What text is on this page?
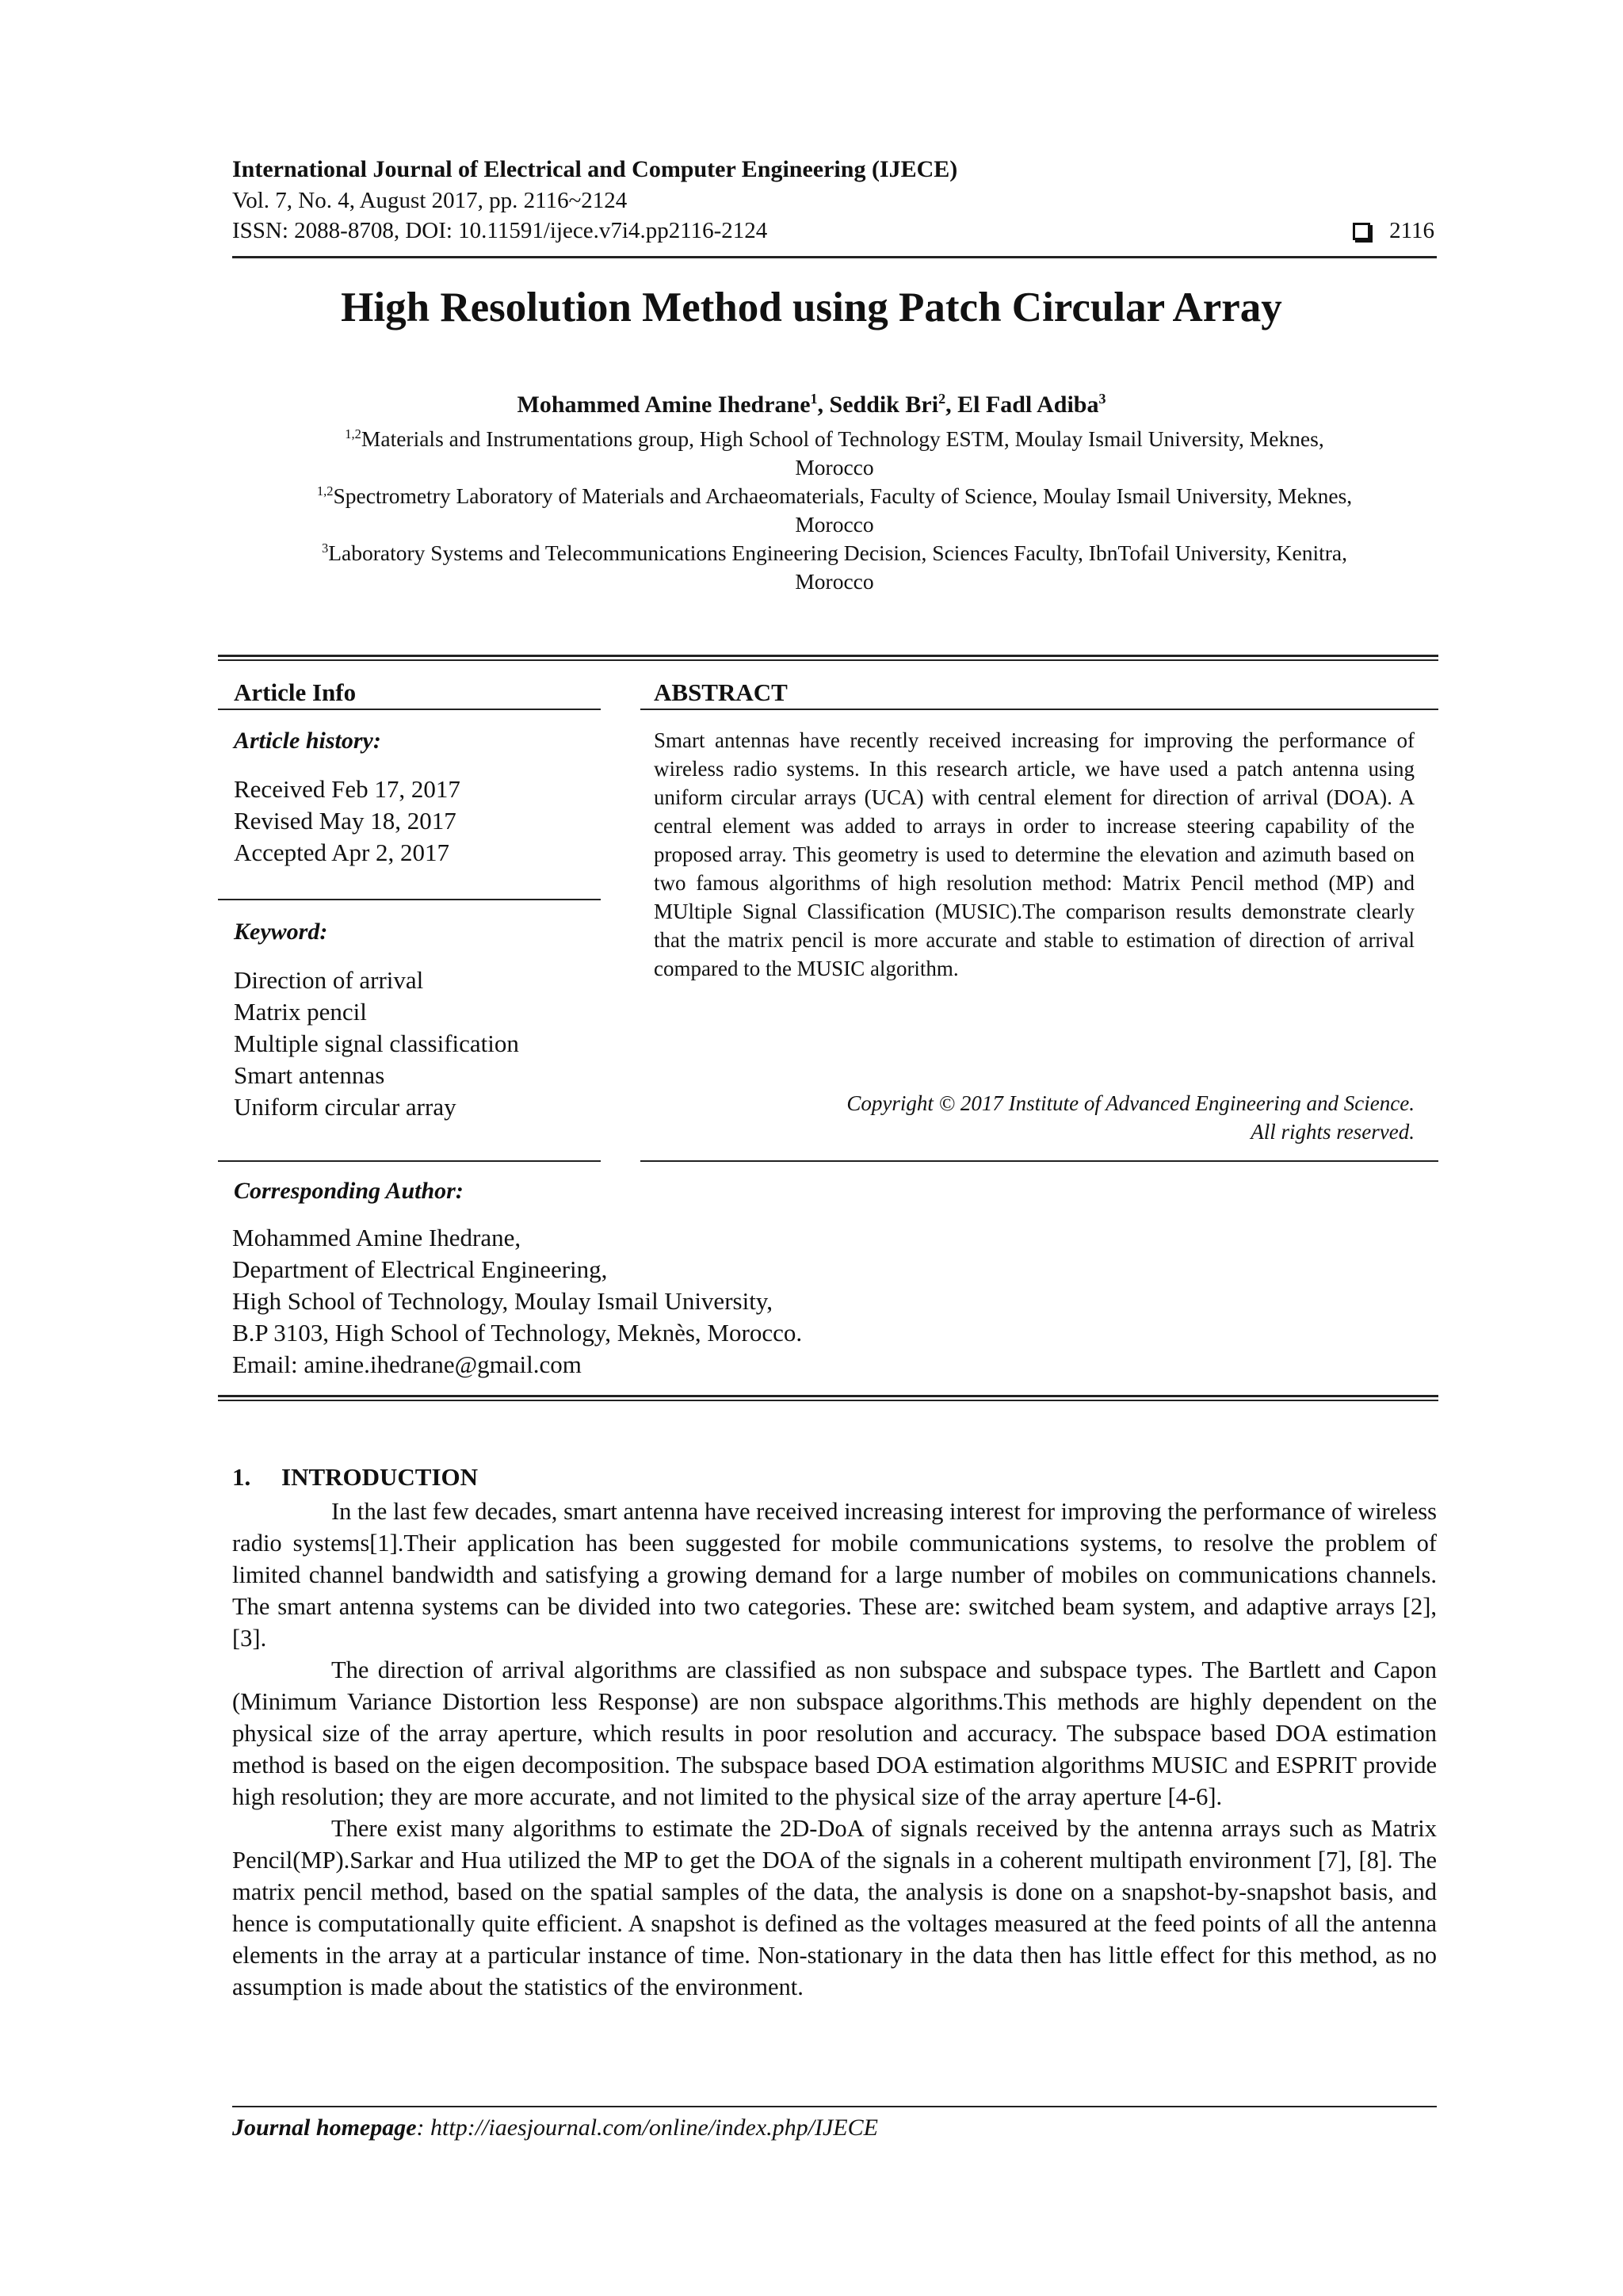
International Journal of Electrical and Computer Engineering (IJECE)
Vol. 7, No. 4, August 2017, pp. 2116~2124
ISSN: 2088-8708, DOI: 10.11591/ijece.v7i4.pp2116-2124	2116
High Resolution Method using Patch Circular Array
Mohammed Amine Ihedrane$^1$, Seddik Bri$^2$, El Fadl Adiba$^3$
$^{1,2}$Materials and Instrumentations group, High School of Technology ESTM, Moulay Ismail University, Meknes,
Morocco
$^{1,2}$Spectrometry Laboratory of Materials and Archaeomaterials, Faculty of Science, Moulay Ismail University, Meknes,
Morocco
$^3$Laboratory Systems and Telecommunications Engineering Decision, Sciences Faculty, IbnTofail University, Kenitra,
Morocco
Article Info
Article history:
Received Feb 17, 2017
Revised May 18, 2017
Accepted Apr 2, 2017
Keyword:
Direction of arrival
Matrix pencil
Multiple signal classification
Smart antennas
Uniform circular array
ABSTRACT
Smart antennas have recently received increasing for improving the performance of wireless radio systems. In this research article, we have used a patch antenna using uniform circular arrays (UCA) with central element for direction of arrival (DOA). A central element was added to arrays in order to increase steering capability of the proposed array. This geometry is used to determine the elevation and azimuth based on two famous algorithms of high resolution method: Matrix Pencil method (MP) and MUltiple Signal Classification (MUSIC).The comparison results demonstrate clearly that the matrix pencil is more accurate and stable to estimation of direction of arrival compared to the MUSIC algorithm.
Copyright © 2017 Institute of Advanced Engineering and Science.
All rights reserved.
Corresponding Author:
Mohammed Amine Ihedrane,
Department of Electrical Engineering,
High School of Technology, Moulay Ismail University,
B.P 3103, High School of Technology, Meknès, Morocco.
Email: amine.ihedrane@gmail.com
1.     INTRODUCTION

In the last few decades, smart antenna have received increasing interest for improving the performance of wireless radio systems[1].Their application has been suggested for mobile communications systems, to resolve the problem of limited channel bandwidth and satisfying a growing demand for a large number of mobiles on communications channels. The smart antenna systems can be divided into two categories. These are: switched beam system, and adaptive arrays [2], [3].

The direction of arrival algorithms are classified as non subspace and subspace types. The Bartlett and Capon (Minimum Variance Distortion less Response) are non subspace algorithms.This methods are highly dependent on the physical size of the array aperture, which results in poor resolution and accuracy. The subspace based DOA estimation method is based on the eigen decomposition. The subspace based DOA estimation algorithms MUSIC and ESPRIT provide high resolution; they are more accurate, and not limited to the physical size of the array aperture [4-6].

There exist many algorithms to estimate the 2D-DoA of signals received by the antenna arrays such as Matrix Pencil(MP).Sarkar and Hua utilized the MP to get the DOA of the signals in a coherent multipath environment [7], [8]. The matrix pencil method, based on the spatial samples of the data, the analysis is done on a snapshot-by-snapshot basis, and hence is computationally quite efficient. A snapshot is defined as the voltages measured at the feed points of all the antenna elements in the array at a particular instance of time. Non-stationary in the data then has little effect for this method, as no assumption is made about the statistics of the environment.

Journal homepage: http://iaesjournal.com/online/index.php/IJECE
